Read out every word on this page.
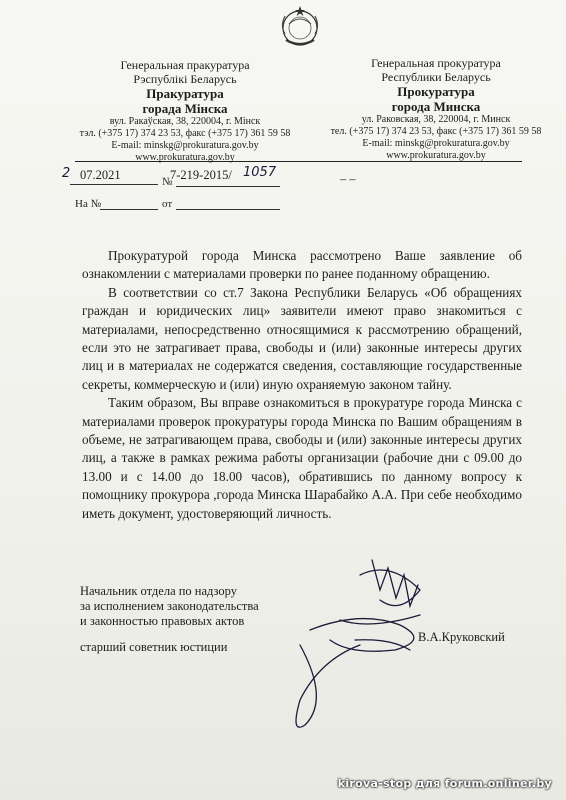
Генеральная пракуратура
Рэспублікі Беларусь
Пракуратура
горада Мінска
вул. Ракаўская, 38, 220004, г. Мінск
тэл. (+375 17) 374 23 53, факс (+375 17) 361 59 58
E-mail: minskg@prokuratura.gov.by
www.prokuratura.gov.by
Генеральная прокуратура
Республики Беларусь
Прокуратура
города Минска
ул. Раковская, 38, 220004, г. Минск
тел. (+375 17) 374 23 53, факс (+375 17) 361 59 58
E-mail: minskg@prokuratura.gov.by
www.prokuratura.gov.by
2 07.2021	7-219-2015/ 1057
№	– –
На №	от

Прокуратурой города Минска рассмотрено Ваше заявление об ознакомлении с материалами проверки по ранее поданному обращению.

В соответствии со ст.7 Закона Республики Беларусь «Об обращениях граждан и юридических лиц» заявители имеют право знакомиться с материалами, непосредственно относящимися к рассмотрению обращений, если это не затрагивает права, свободы и (или) законные интересы других лиц и в материалах не содержатся сведения, составляющие государственные секреты, коммерческую и (или) иную охраняемую законом тайну.

Таким образом, Вы вправе ознакомиться в прокуратуре города Минска с материалами проверок прокуратуры города Минска по Вашим обращениям в объеме, не затрагивающем права, свободы и (или) законные интересы других лиц, а также в рамках режима работы организации (рабочие дни с 09.00 до 13.00 и с 14.00 до 18.00 часов), обратившись по данному вопросу к помощнику прокурора ,города Минска Шарабайко А.А. При себе необходимо иметь документ, удостоверяющий личность.

Начальник отдела по надзору
за исполнением законодательства
и законностью правовых актов
старший советник юстиции
В.А.Круковский
kirova-stop для forum.onliner.by
